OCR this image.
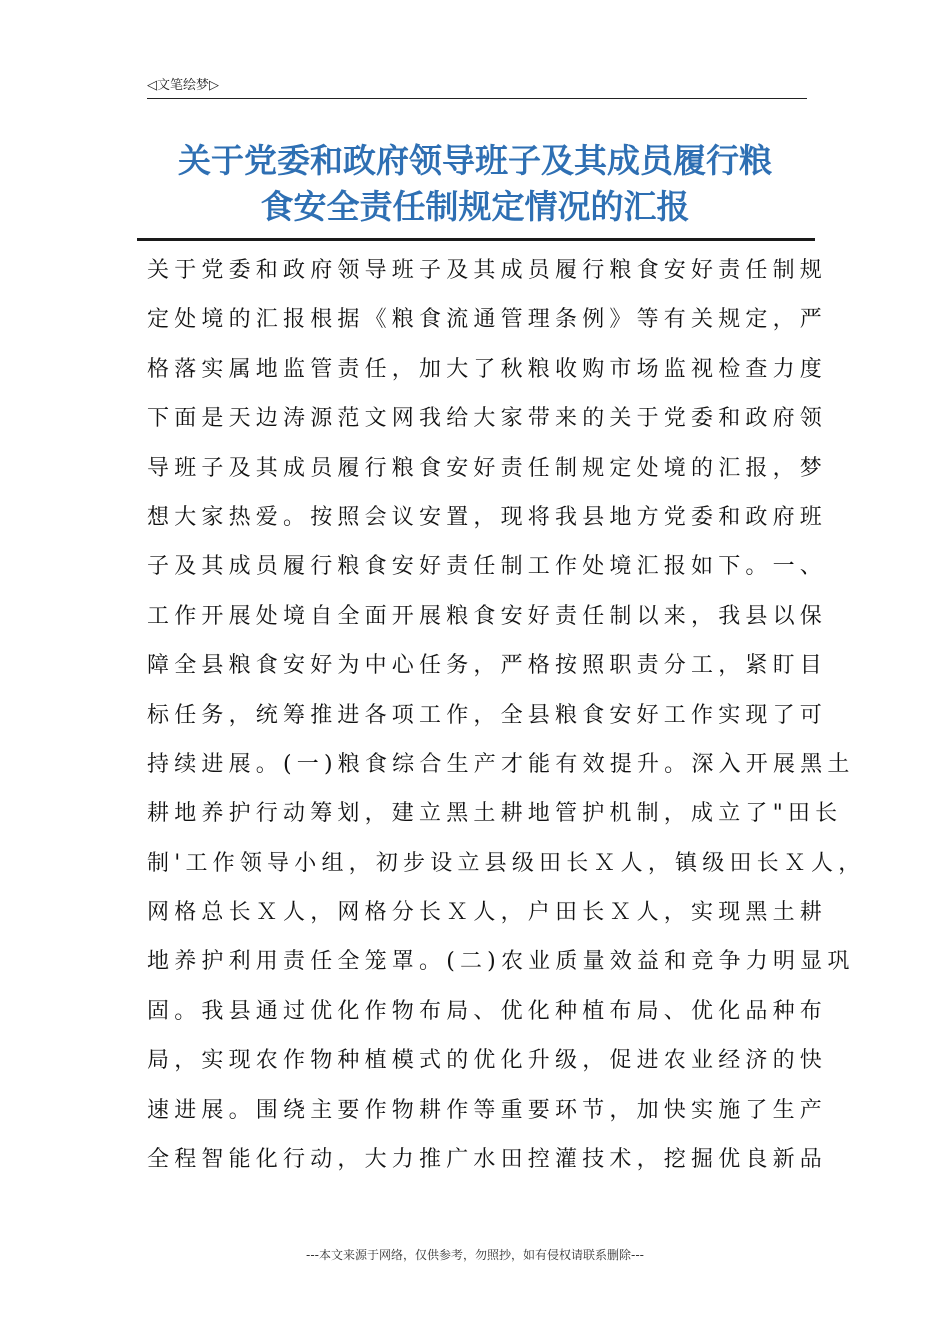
◁文笔绘梦▷
关于党委和政府领导班子及其成员履行粮
食安全责任制规定情况的汇报
关于党委和政府领导班子及其成员履行粮食安好责任制规
定处境的汇报根据《粮食流通管理条例》等有关规定，严
格落实属地监管责任，加大了秋粮收购市场监视检查力度
下面是天边涛源范文网我给大家带来的关于党委和政府领
导班子及其成员履行粮食安好责任制规定处境的汇报，梦
想大家热爱。按照会议安置，现将我县地方党委和政府班
子及其成员履行粮食安好责任制工作处境汇报如下。一、
工作开展处境自全面开展粮食安好责任制以来，我县以保
障全县粮食安好为中心任务，严格按照职责分工，紧盯目
标任务，统筹推进各项工作，全县粮食安好工作实现了可
持续进展。(一)粮食综合生产才能有效提升。深入开展黑土
耕地养护行动筹划，建立黑土耕地管护机制，成立了"田长
制'工作领导小组，初步设立县级田长Ｘ人，镇级田长Ｘ人，
网格总长Ｘ人，网格分长Ｘ人，户田长Ｘ人，实现黑土耕
地养护利用责任全笼罩。(二)农业质量效益和竞争力明显巩
固。我县通过优化作物布局、优化种植布局、优化品种布
局，实现农作物种植模式的优化升级，促进农业经济的快
速进展。围绕主要作物耕作等重要环节，加快实施了生产
全程智能化行动，大力推广水田控灌技术，挖掘优良新品
---本文来源于网络，仅供参考，勿照抄，如有侵权请联系删除---
